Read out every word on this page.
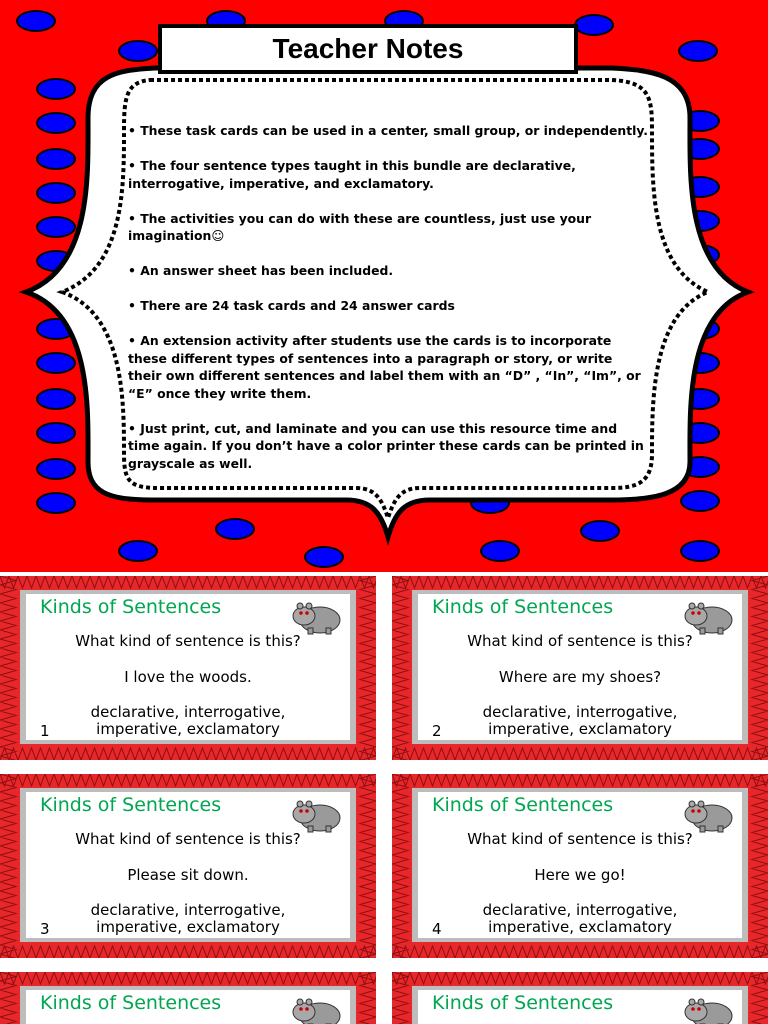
Teacher Notes
• These task cards can be used in a center, small group, or independently.
• The four sentence types taught in this bundle are declarative, interrogative, imperative, and exclamatory.
• The activities you can do with these are countless, just use your imagination☺
• An answer sheet has been included.
• There are 24 task cards and 24 answer cards
• An extension activity after students use the cards is to incorporate these different types of sentences into a paragraph or story, or write their own different sentences and label them with an “D” , “In”, “Im”, or “E” once they write them.
• Just print, cut, and laminate and you can use this resource time and time again. If you don’t have a color printer these cards can be printed in grayscale as well.
Kinds of Sentences
What kind of sentence is this?
I love the woods.
declarative, interrogative,
imperative, exclamatory
1
Kinds of Sentences
What kind of sentence is this?
Where are my shoes?
declarative, interrogative,
imperative, exclamatory
2
Kinds of Sentences
What kind of sentence is this?
Please sit down.
declarative, interrogative,
imperative, exclamatory
3
Kinds of Sentences
What kind of sentence is this?
Here we go!
declarative, interrogative,
imperative, exclamatory
4
Kinds of Sentences	Kinds of Sentences
